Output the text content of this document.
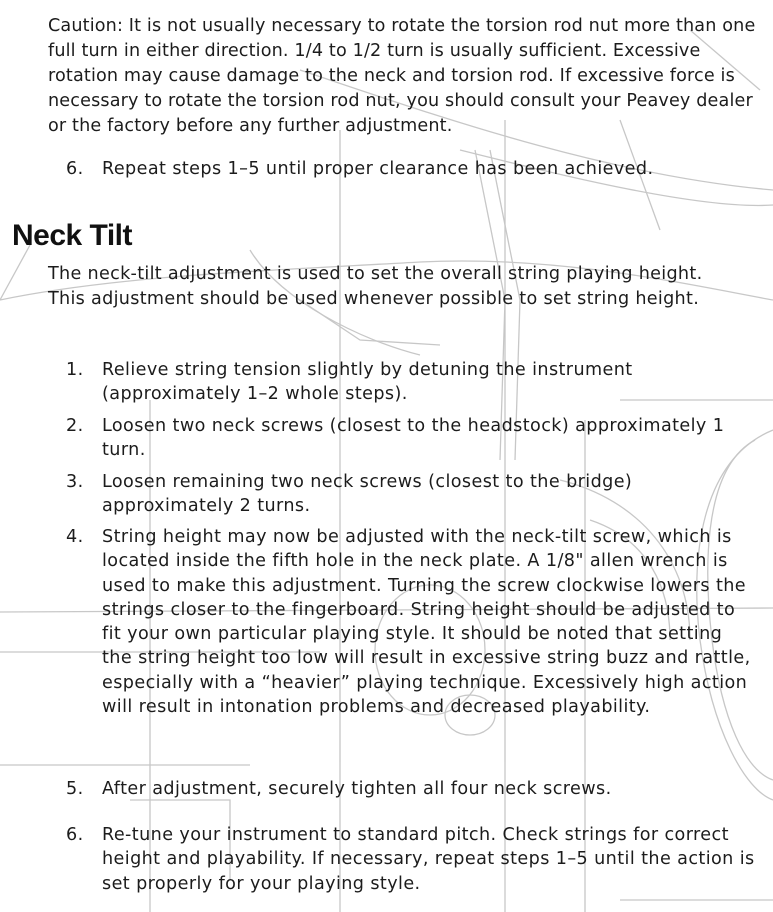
Caution: It is not usually necessary to rotate the torsion rod nut more than one full turn in either direction. 1/4 to 1/2 turn is usually sufficient. Excessive rotation may cause damage to the neck and torsion rod. If excessive force is necessary to rotate the torsion rod nut, you should consult your Peavey dealer or the factory before any further adjustment.

6.	Repeat steps 1–5 until proper clearance has been achieved.
Neck Tilt

The neck-tilt adjustment is used to set the overall string playing height. This adjustment should be used whenever possible to set string height.

1.	Relieve string tension slightly by detuning the instrument (approximately 1–2 whole steps).
2.	Loosen two neck screws (closest to the headstock) approximately 1 turn.
3.	Loosen remaining two neck screws (closest to the bridge) approximately 2 turns.
4.	String height may now be adjusted with the neck-tilt screw, which is located inside the fifth hole in the neck plate. A 1/8" allen wrench is used to make this adjustment. Turning the screw clockwise lowers the strings closer to the fingerboard. String height should be adjusted to fit your own particular playing style. It should be noted that setting the string height too low will result in excessive string buzz and rattle, especially with a “heavier” playing technique. Excessively high action will result in intonation problems and decreased playability.
5.	After adjustment, securely tighten all four neck screws.
6.	Re-tune your instrument to standard pitch. Check strings for correct height and playability. If necessary, repeat steps 1–5 until the action is set properly for your playing style.
